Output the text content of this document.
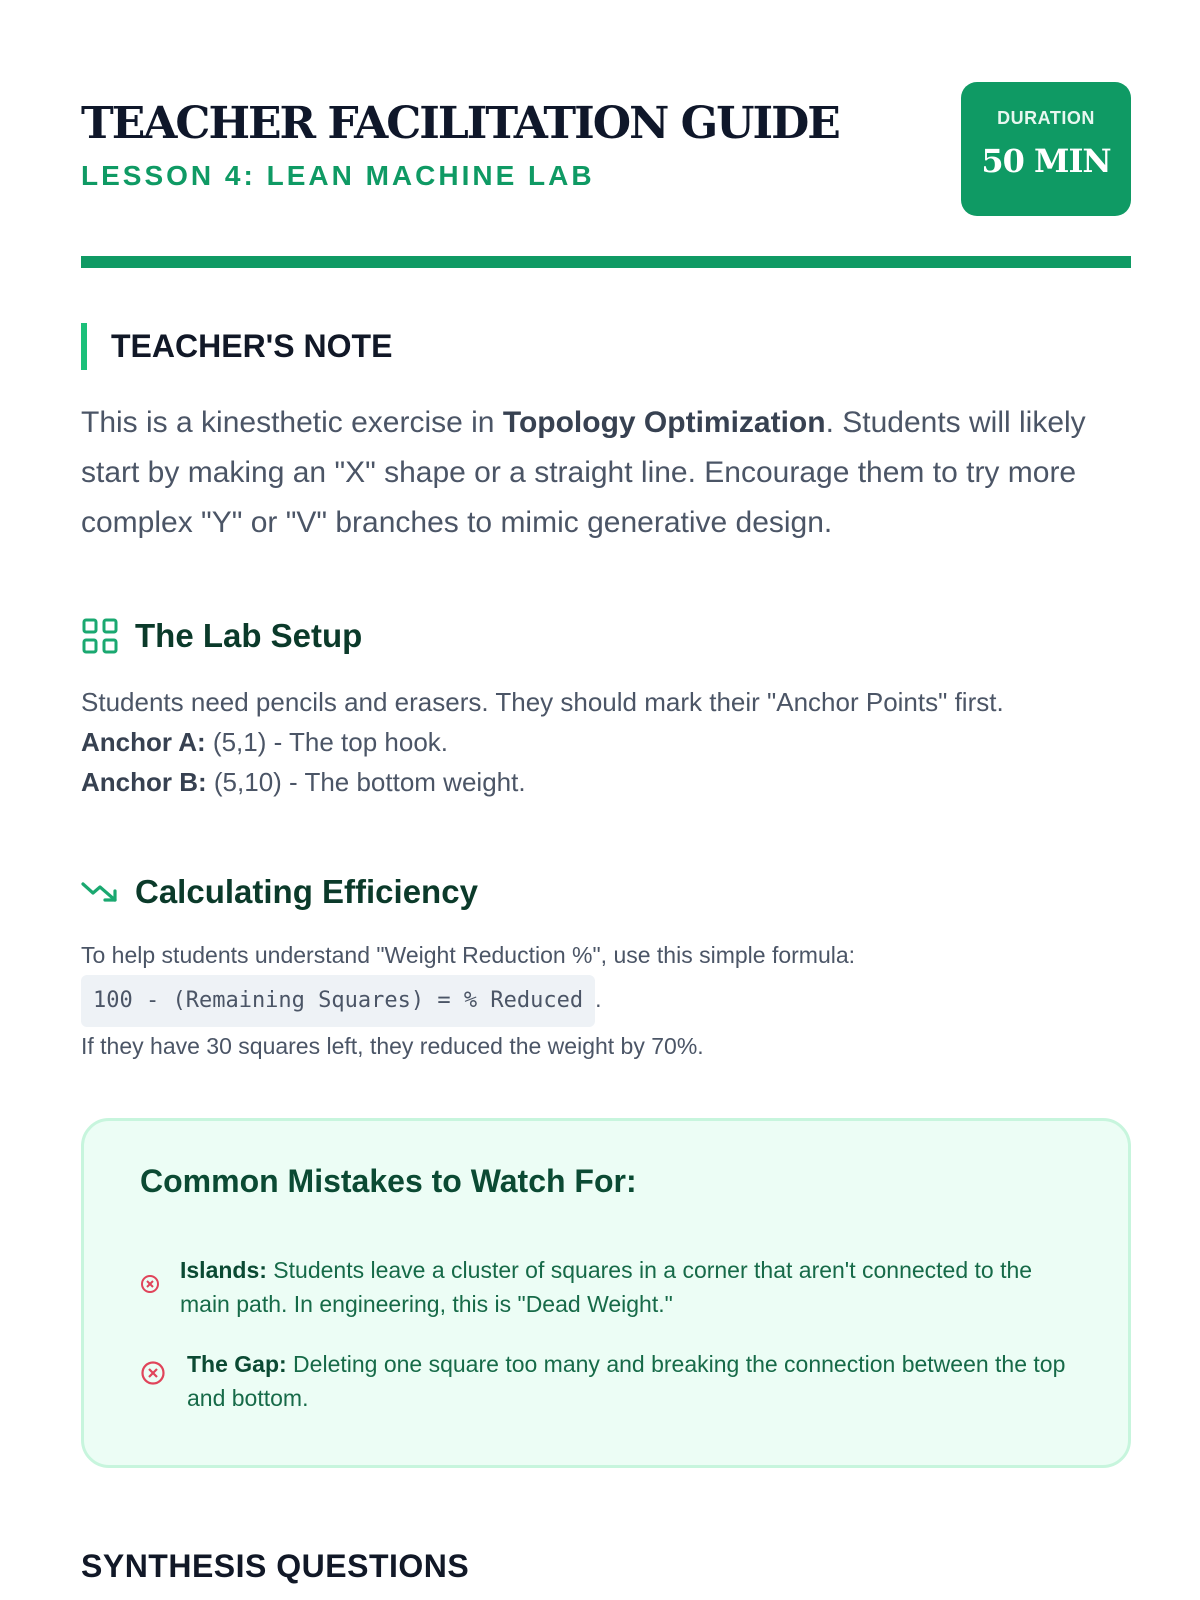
TEACHER FACILITATION GUIDE
LESSON 4: LEAN MACHINE LAB
DURATION
50 MIN
TEACHER'S NOTE

This is a kinesthetic exercise in Topology Optimization. Students will likely start by making an "X" shape or a straight line. Encourage them to try more complex "Y" or "V" branches to mimic generative design.

The Lab Setup
Students need pencils and erasers. They should mark their "Anchor Points" first.
Anchor A: (5,1) - The top hook.
Anchor B: (5,10) - The bottom weight.
Calculating Efficiency
To help students understand "Weight Reduction %", use this simple formula:
100 - (Remaining Squares) = % Reduced .
If they have 30 squares left, they reduced the weight by 70%.
Common Mistakes to Watch For:
Islands: Students leave a cluster of squares in a corner that aren't connected to the main path. In engineering, this is "Dead Weight."
The Gap: Deleting one square too many and breaking the connection between the top and bottom.
SYNTHESIS QUESTIONS
